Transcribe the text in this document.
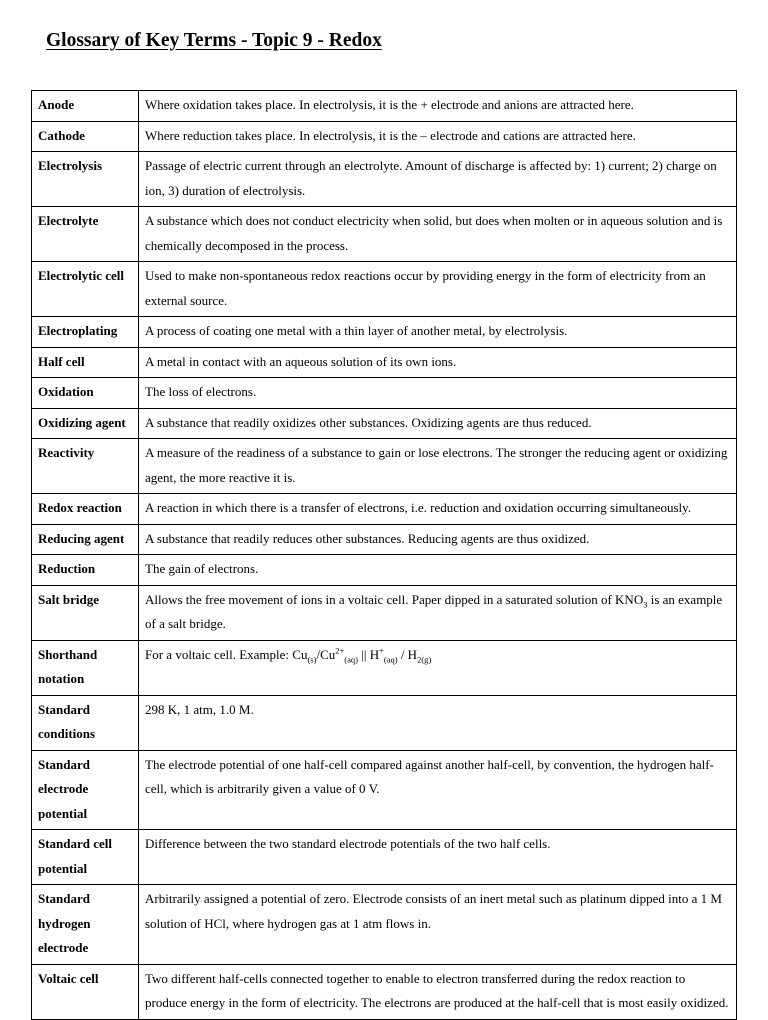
Glossary of Key Terms - Topic 9 - Redox
Anode	Where oxidation takes place. In electrolysis, it is the + electrode and anions are attracted here.
Cathode	Where reduction takes place. In electrolysis, it is the – electrode and cations are attracted here.
Electrolysis	Passage of electric current through an electrolyte. Amount of discharge is affected by: 1) current; 2) charge on ion, 3) duration of electrolysis.
Electrolyte	A substance which does not conduct electricity when solid, but does when molten or in aqueous solution and is chemically decomposed in the process.
Electrolytic cell	Used to make non-spontaneous redox reactions occur by providing energy in the form of electricity from an external source.
Electroplating	A process of coating one metal with a thin layer of another metal, by electrolysis.
Half cell	A metal in contact with an aqueous solution of its own ions.
Oxidation	The loss of electrons.
Oxidizing agent	A substance that readily oxidizes other substances. Oxidizing agents are thus reduced.
Reactivity	A measure of the readiness of a substance to gain or lose electrons. The stronger the reducing agent or oxidizing agent, the more reactive it is.
Redox reaction	A reaction in which there is a transfer of electrons, i.e. reduction and oxidation occurring simultaneously.
Reducing agent	A substance that readily reduces other substances. Reducing agents are thus oxidized.
Reduction	The gain of electrons.
Salt bridge	Allows the free movement of ions in a voltaic cell. Paper dipped in a saturated solution of $KNO_3$ is an example of a salt bridge.
Shorthand notation	For a voltaic cell. Example: $Cu_{(s)}/Cu^{2+}_{(aq)}$ || $H^+_{(aq)} / H_{2(g)}$
Standard conditions	298 K, 1 atm, 1.0 M.
Standard electrode potential	The electrode potential of one half-cell compared against another half-cell, by convention, the hydrogen half-cell, which is arbitrarily given a value of 0 V.
Standard cell potential	Difference between the two standard electrode potentials of the two half cells.
Standard hydrogen electrode	Arbitrarily assigned a potential of zero. Electrode consists of an inert metal such as platinum dipped into a 1 M solution of HCl, where hydrogen gas at 1 atm flows in.
Voltaic cell	Two different half-cells connected together to enable to electron transferred during the redox reaction to produce energy in the form of electricity. The electrons are produced at the half-cell that is most easily oxidized.
